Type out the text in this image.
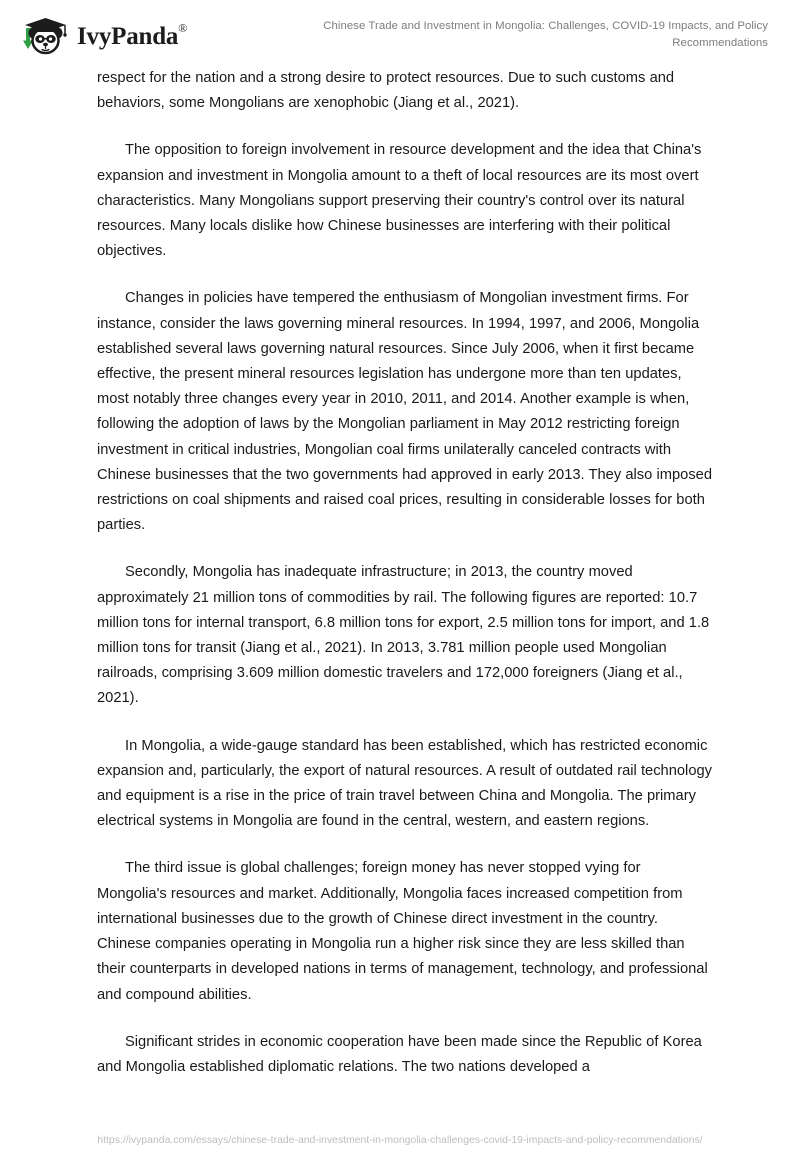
IvyPanda®	Chinese Trade and Investment in Mongolia: Challenges, COVID-19 Impacts, and Policy Recommendations

respect for the nation and a strong desire to protect resources. Due to such customs and behaviors, some Mongolians are xenophobic (Jiang et al., 2021).

The opposition to foreign involvement in resource development and the idea that China's expansion and investment in Mongolia amount to a theft of local resources are its most overt characteristics. Many Mongolians support preserving their country's control over its natural resources. Many locals dislike how Chinese businesses are interfering with their political objectives.

Changes in policies have tempered the enthusiasm of Mongolian investment firms. For instance, consider the laws governing mineral resources. In 1994, 1997, and 2006, Mongolia established several laws governing natural resources. Since July 2006, when it first became effective, the present mineral resources legislation has undergone more than ten updates, most notably three changes every year in 2010, 2011, and 2014. Another example is when, following the adoption of laws by the Mongolian parliament in May 2012 restricting foreign investment in critical industries, Mongolian coal firms unilaterally canceled contracts with Chinese businesses that the two governments had approved in early 2013. They also imposed restrictions on coal shipments and raised coal prices, resulting in considerable losses for both parties.

Secondly, Mongolia has inadequate infrastructure; in 2013, the country moved approximately 21 million tons of commodities by rail. The following figures are reported: 10.7 million tons for internal transport, 6.8 million tons for export, 2.5 million tons for import, and 1.8 million tons for transit (Jiang et al., 2021). In 2013, 3.781 million people used Mongolian railroads, comprising 3.609 million domestic travelers and 172,000 foreigners (Jiang et al., 2021).

In Mongolia, a wide-gauge standard has been established, which has restricted economic expansion and, particularly, the export of natural resources. A result of outdated rail technology and equipment is a rise in the price of train travel between China and Mongolia. The primary electrical systems in Mongolia are found in the central, western, and eastern regions.

The third issue is global challenges; foreign money has never stopped vying for Mongolia's resources and market. Additionally, Mongolia faces increased competition from international businesses due to the growth of Chinese direct investment in the country. Chinese companies operating in Mongolia run a higher risk since they are less skilled than their counterparts in developed nations in terms of management, technology, and professional and compound abilities.

Significant strides in economic cooperation have been made since the Republic of Korea and Mongolia established diplomatic relations. The two nations developed a

https://ivypanda.com/essays/chinese-trade-and-investment-in-mongolia-challenges-covid-19-impacts-and-policy-recommendations/
